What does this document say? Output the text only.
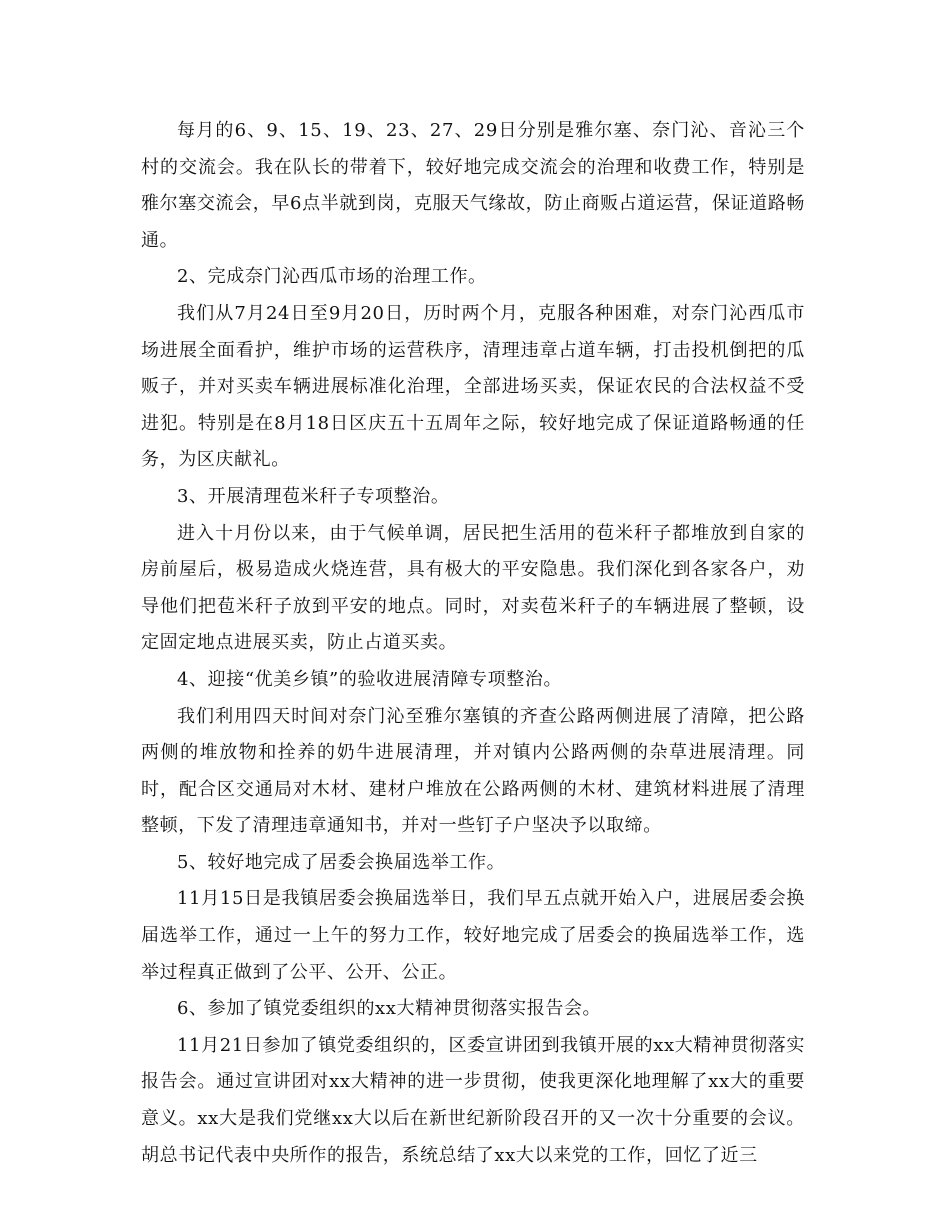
每月的6、9、15、19、23、27、29日分别是雅尔塞、奈门沁、音沁三个村的交流会。我在队长的带着下，较好地完成交流会的治理和收费工作，特别是雅尔塞交流会，早6点半就到岗，克服天气缘故，防止商贩占道运营，保证道路畅通。

2、完成奈门沁西瓜市场的治理工作。

我们从7月24日至9月20日，历时两个月，克服各种困难，对奈门沁西瓜市场进展全面看护，维护市场的运营秩序，清理违章占道车辆，打击投机倒把的瓜贩子，并对买卖车辆进展标准化治理，全部进场买卖，保证农民的合法权益不受进犯。特别是在8月18日区庆五十五周年之际，较好地完成了保证道路畅通的任务，为区庆献礼。

3、开展清理苞米秆子专项整治。

进入十月份以来，由于气候单调，居民把生活用的苞米秆子都堆放到自家的房前屋后，极易造成火烧连营，具有极大的平安隐患。我们深化到各家各户，劝导他们把苞米秆子放到平安的地点。同时，对卖苞米秆子的车辆进展了整顿，设定固定地点进展买卖，防止占道买卖。

4、迎接“优美乡镇”的验收进展清障专项整治。

我们利用四天时间对奈门沁至雅尔塞镇的齐查公路两侧进展了清障，把公路两侧的堆放物和拴养的奶牛进展清理，并对镇内公路两侧的杂草进展清理。同时，配合区交通局对木材、建材户堆放在公路两侧的木材、建筑材料进展了清理整顿，下发了清理违章通知书，并对一些钉子户坚决予以取缔。

5、较好地完成了居委会换届选举工作。

11月15日是我镇居委会换届选举日，我们早五点就开始入户，进展居委会换届选举工作，通过一上午的努力工作，较好地完成了居委会的换届选举工作，选举过程真正做到了公平、公开、公正。

6、参加了镇党委组织的xx大精神贯彻落实报告会。

11月21日参加了镇党委组织的，区委宣讲团到我镇开展的xx大精神贯彻落实报告会。通过宣讲团对xx大精神的进一步贯彻，使我更深化地理解了xx大的重要意义。xx大是我们党继xx大以后在新世纪新阶段召开的又一次十分重要的会议。胡总书记代表中央所作的报告，系统总结了xx大以来党的工作，回忆了近三
